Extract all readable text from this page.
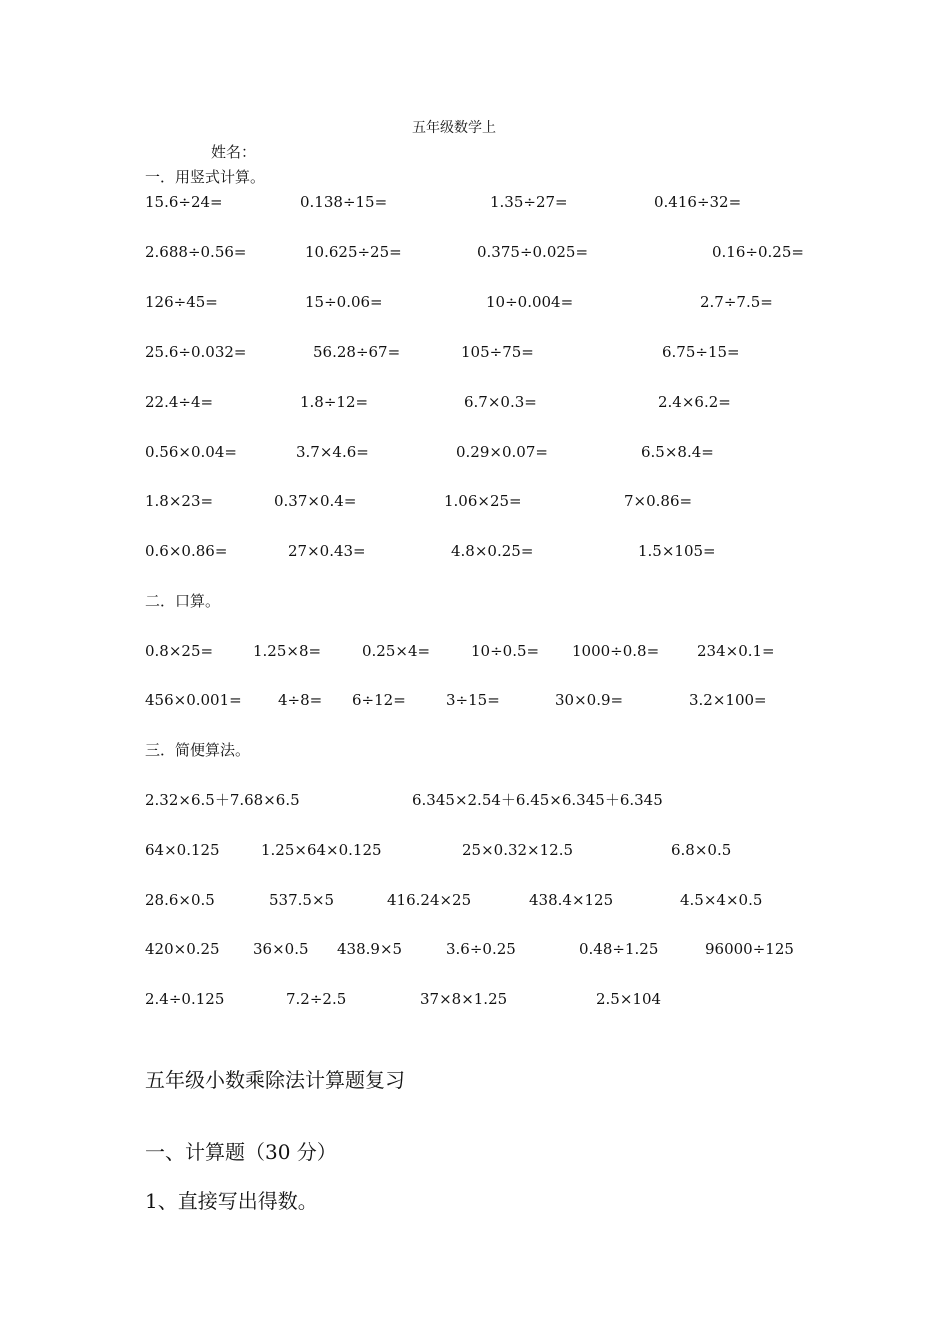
五年级数学上
姓名：
一．用竖式计算。
15.6÷24=	0.138÷15=	1.35÷27=	0.416÷32=
2.688÷0.56=	10.625÷25=	0.375÷0.025=	0.16÷0.25=
126÷45=	15÷0.06=	10÷0.004=	2.7÷7.5=
25.6÷0.032=	56.28÷67=	105÷75=	6.75÷15=
22.4÷4=	1.8÷12=	6.7×0.3=	2.4×6.2=
0.56×0.04=	3.7×4.6=	0.29×0.07=	6.5×8.4=
1.8×23=	0.37×0.4=	1.06×25=	7×0.86=
0.6×0.86=	27×0.43=	4.8×0.25=	1.5×105=
二．口算。
0.8×25=	1.25×8=	0.25×4=	10÷0.5= 1000÷0.8=	234×0.1=
456×0.001= 4÷8= 6÷12=	3÷15=	30×0.9=	3.2×100=
三．简便算法。
2.32×6.5＋7.68×6.5	6.345×2.54＋6.45×6.345＋6.345
64×0.125	1.25×64×0.125	25×0.32×12.5	6.8×0.5
28.6×0.5	537.5×5	416.24×25	438.4×125	4.5×4×0.5
420×0.25 36×0.5 438.9×5	3.6÷0.25	0.48÷1.25	96000÷125
2.4÷0.125	7.2÷2.5	37×8×1.25	2.5×104
五年级小数乘除法计算题复习
一、计算题（30 分）
1、直接写出得数。
